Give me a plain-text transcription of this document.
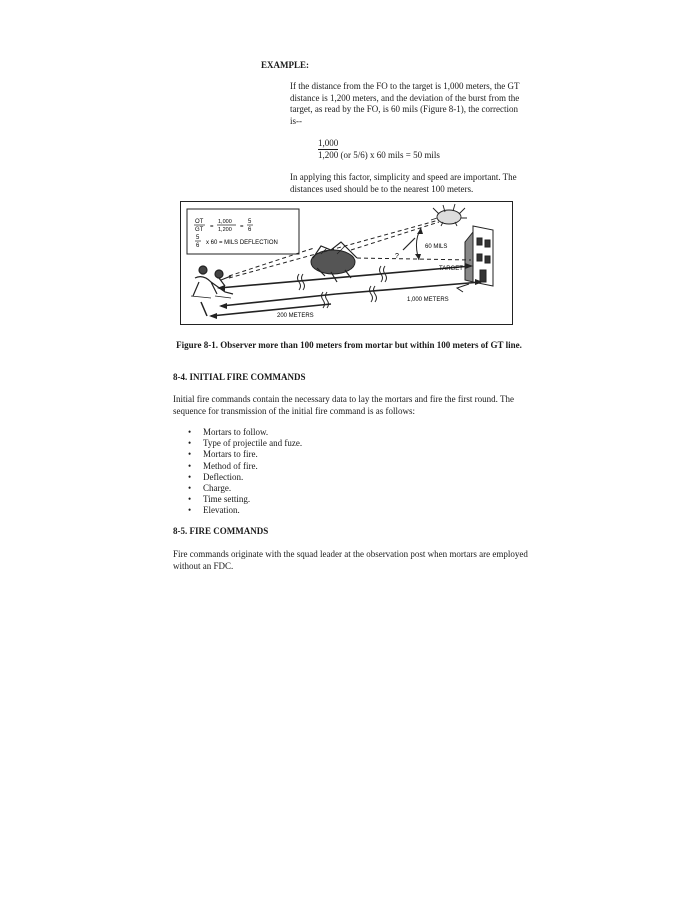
EXAMPLE:
If the distance from the FO to the target is 1,000 meters, the GT distance is 1,200 meters, and the deviation of the burst from the target, as read by the FO, is 60 mils (Figure 8-1), the correction is--
1,000
1,200 (or 5/6) x 60 mils = 50 mils
In applying this factor, simplicity and speed are important. The distances used should be to the nearest 100 meters.
OT
GT =
1,000
1,200 =
5
6
5
6 x 60 = MILS DEFLECTION
60 MILS
TARGET
?
1,000 METERS
200 METERS
Figure 8-1. Observer more than 100 meters from mortar but within 100 meters of GT line.
8-4. INITIAL FIRE COMMANDS
Initial fire commands contain the necessary data to lay the mortars and fire the first round. The sequence for transmission of the initial fire command is as follows:
• Mortars to follow.
• Type of projectile and fuze.
• Mortars to fire.
• Method of fire.
• Deflection.
• Charge.
• Time setting.
• Elevation.
8-5. FIRE COMMANDS
Fire commands originate with the squad leader at the observation post when mortars are employed without an FDC.
